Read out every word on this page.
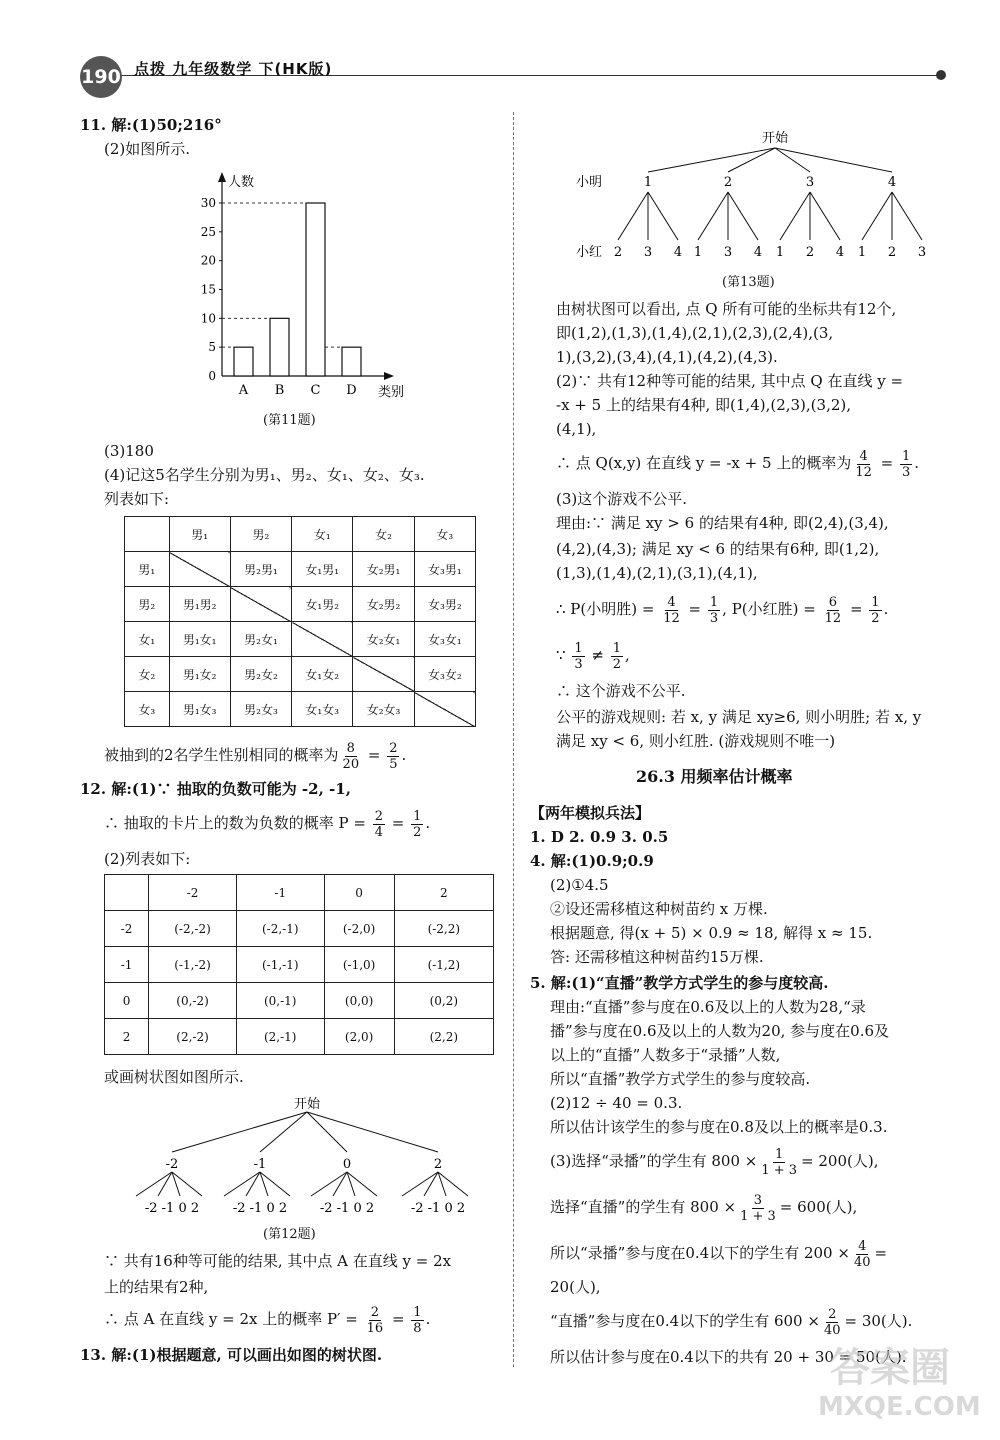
190 点拨 九年级数学 下(HK版)
11. 解:(1)50;216°
(2)如图所示.
人数
类别
0
5
10
15
20
25
30
A B C D
(第11题)
(3)180
(4)记这5名学生分别为男₁、男₂、女₁、女₂、女₃.
列表如下:
	男₁	男₂	女₁	女₂	女₃
男₁		男₂男₁	女₁男₁	女₂男₁	女₃男₁
男₂	男₁男₂		女₁男₂	女₂男₂	女₃男₂
女₁	男₁女₁	男₂女₁		女₂女₁	女₃女₁
女₂	男₁女₂	男₂女₂	女₁女₂		女₃女₂
女₃	男₁女₃	男₂女₃	女₁女₃	女₂女₃	
被抽到的2名学生性别相同的概率为 $\frac{8}{20} = \frac{2}{5}$ .
12. 解:(1)∵ 抽取的负数可能为 -2, -1,
∴ 抽取的卡片上的数为负数的概率 $P = \frac{2}{4} = \frac{1}{2}$ .
(2)列表如下:
	-2	-1	0	2
-2	(-2,-2)	(-2,-1)	(-2,0)	(-2,2)
-1	(-1,-2)	(-1,-1)	(-1,0)	(-1,2)
0	(0,-2)	(0,-1)	(0,0)	(0,2)
2	(2,-2)	(2,-1)	(2,0)	(2,2)
或画树状图如图所示.
开始
-2
-2 -1 0 2
-1
-2 -1 0 2
0
-2 -1 0 2
2
-2 -1 0 2
(第12题)
∵ 共有16种等可能的结果, 其中点 A 在直线 y = 2x
上的结果有2种,
∴ 点 A 在直线 y = 2x 上的概率 $P' = \frac{2}{16} = \frac{1}{8}$ .
13. 解:(1)根据题意, 可以画出如图的树状图.
开始
小明
小红
1
2 3 4
2
1 3 4
3
1 2 4
4
1 2 3
(第13题)
由树状图可以看出, 点 Q 所有可能的坐标共有12个,
即(1,2),(1,3),(1,4),(2,1),(2,3),(2,4),(3,
1),(3,2),(3,4),(4,1),(4,2),(4,3).
(2)∵ 共有12种等可能的结果, 其中点 Q 在直线 y =
-x + 5 上的结果有4种, 即(1,4),(2,3),(3,2),
(4,1),
∴ 点 Q(x,y) 在直线 y = -x + 5 上的概率为 $\frac{4}{12} = \frac{1}{3}$ .
(3)这个游戏不公平.
理由:∵ 满足 xy > 6 的结果有4种, 即(2,4),(3,4),
(4,2),(4,3); 满足 xy < 6 的结果有6种, 即(1,2),
(1,3),(1,4),(2,1),(3,1),(4,1),
∴ P(小明胜) = $\frac{4}{12} = \frac{1}{3}$ , P(小红胜) = $\frac{6}{12} = \frac{1}{2}$ .
∵ $\frac{1}{3} \ne \frac{1}{2}$ ,
∴ 这个游戏不公平.
公平的游戏规则: 若 x, y 满足 xy≥6, 则小明胜; 若 x, y
满足 xy < 6, 则小红胜. (游戏规则不唯一)
26.3 用频率估计概率
【两年模拟兵法】
1. D 2. 0.9 3. 0.5
4. 解:(1)0.9;0.9
(2)①4.5
②设还需移植这种树苗约 x 万棵.
根据题意, 得(x + 5) × 0.9 ≈ 18, 解得 x ≈ 15.
答: 还需移植这种树苗约15万棵.
5. 解:(1)“直播”教学方式学生的参与度较高.
理由:“直播”参与度在0.6及以上的人数为28,“录
播”参与度在0.6及以上的人数为20, 参与度在0.6及
以上的“直播”人数多于“录播”人数,
所以“直播”教学方式学生的参与度较高.
(2)12 ÷ 40 = 0.3.
所以估计该学生的参与度在0.8及以上的概率是0.3.
(3)选择“录播”的学生有 $800 \times \frac{1}{1 + 3} = 200$(人),
选择“直播”的学生有 $800 \times \frac{3}{1 + 3} = 600$(人),
所以“录播”参与度在0.4以下的学生有 $200 \times \frac{4}{40}$ =
20(人),
“直播”参与度在0.4以下的学生有 $600 \times \frac{2}{40} = 30$(人).
所以估计参与度在0.4以下的共有 20 + 30 = 50(人).
答案圈
MXQE.COM
